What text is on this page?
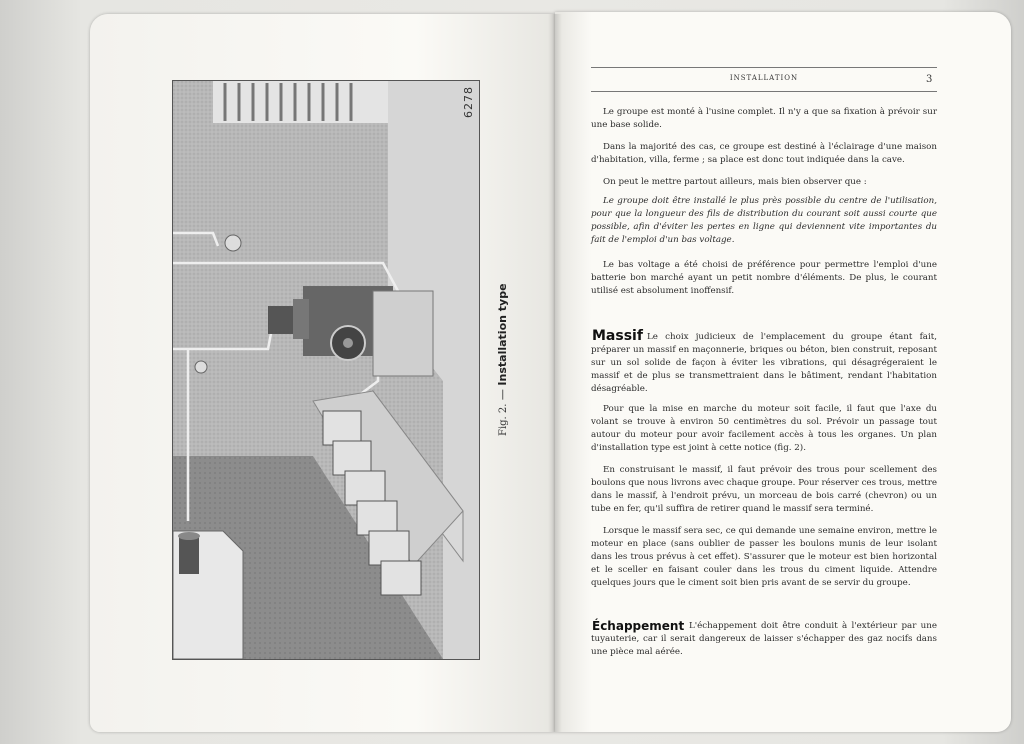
6278
Fig. 2. — Installation type
INSTALLATION	3

Le groupe est monté à l'usine complet. Il n'y a que sa fixation à prévoir sur une base solide.

Dans la majorité des cas, ce groupe est destiné à l'éclairage d'une maison d'habitation, villa, ferme ; sa place est donc tout indiquée dans la cave.

On peut le mettre partout ailleurs, mais bien observer que :

Le groupe doit être installé le plus près possible du centre de l'utilisation, pour que la longueur des fils de distribution du courant soit aussi courte que possible, afin d'éviter les pertes en ligne qui deviennent vite importantes du fait de l'emploi d'un bas voltage.

Le bas voltage a été choisi de préférence pour permettre l'emploi d'une batterie bon marché ayant un petit nombre d'éléments. De plus, le courant utilisé est absolument inoffensif.

Massif Le choix judicieux de l'emplacement du groupe étant fait, préparer un massif en maçonnerie, briques ou béton, bien construit, reposant sur un sol solide de façon à éviter les vibrations, qui désagrégeraient le massif et de plus se transmettraient dans le bâtiment, rendant l'habitation désagréable.

Pour que la mise en marche du moteur soit facile, il faut que l'axe du volant se trouve à environ 50 centimètres du sol. Prévoir un passage tout autour du moteur pour avoir facilement accès à tous les organes. Un plan d'installation type est joint à cette notice (fig. 2).

En construisant le massif, il faut prévoir des trous pour scellement des boulons que nous livrons avec chaque groupe. Pour réserver ces trous, mettre dans le massif, à l'endroit prévu, un morceau de bois carré (chevron) ou un tube en fer, qu'il suffira de retirer quand le massif sera terminé.

Lorsque le massif sera sec, ce qui demande une semaine environ, mettre le moteur en place (sans oublier de passer les boulons munis de leur isolant dans les trous prévus à cet effet). S'assurer que le moteur est bien horizontal et le sceller en faisant couler dans les trous du ciment liquide. Attendre quelques jours que le ciment soit bien pris avant de se servir du groupe.

Échappement L'échappement doit être conduit à l'extérieur par une tuyauterie, car il serait dangereux de laisser s'échapper des gaz nocifs dans une pièce mal aérée.
